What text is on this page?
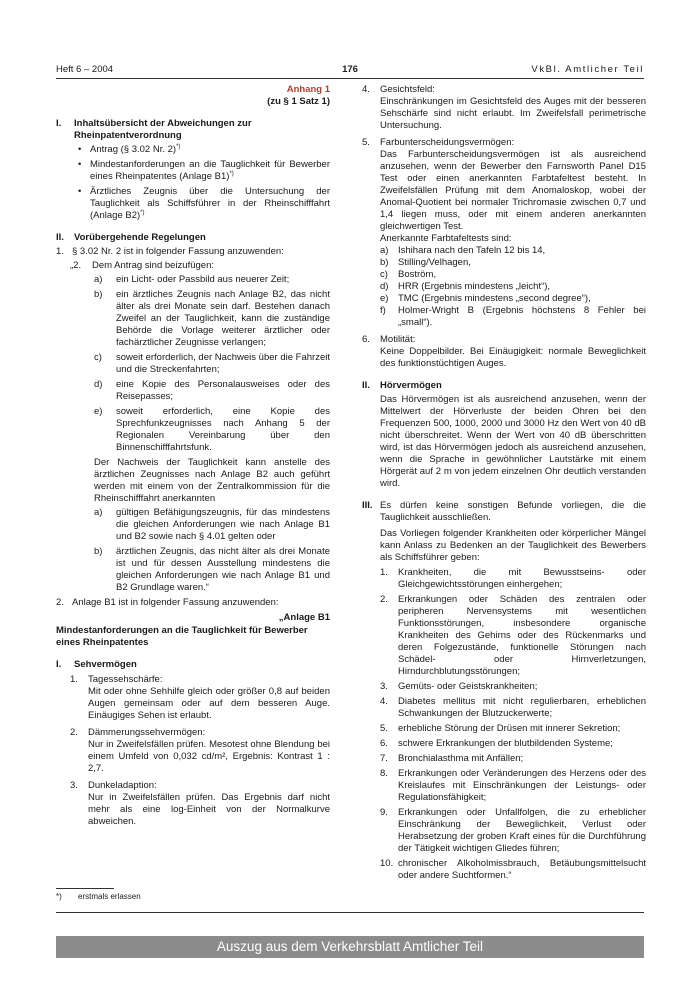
Heft 6 – 2004	176	VkBl. Amtlicher Teil
Anhang 1
(zu § 1 Satz 1)
I. Inhaltsübersicht der Abweichungen zur Rheinpatentverordnung
• Antrag (§ 3.02 Nr. 2)*)
• Mindestanforderungen an die Tauglichkeit für Bewerber eines Rheinpatentes (Anlage B1)*)
• Ärztliches Zeugnis über die Untersuchung der Tauglichkeit als Schiffsführer in der Rheinschifffahrt (Anlage B2)*)
II. Vorübergehende Regelungen
1. § 3.02 Nr. 2 ist in folgender Fassung anzuwenden:
„2. Dem Antrag sind beizufügen:
a) ein Licht- oder Passbild aus neuerer Zeit;
b) ein ärztliches Zeugnis nach Anlage B2, das nicht älter als drei Monate sein darf. Bestehen danach Zweifel an der Tauglichkeit, kann die zuständige Behörde die Vorlage weiterer ärztlicher oder fachärztlicher Zeugnisse verlangen;
c) soweit erforderlich, der Nachweis über die Fahrzeit und die Streckenfahrten;
d) eine Kopie des Personalausweises oder des Reisepasses;
e) soweit erforderlich, eine Kopie des Sprechfunkzeugnisses nach Anhang 5 der Regionalen Vereinbarung über den Binnenschifffahrtsfunk.
Der Nachweis der Tauglichkeit kann anstelle des ärztlichen Zeugnisses nach Anlage B2 auch geführt werden mit einem von der Zentralkommission für die Rheinschifffahrt anerkannten
a) gültigen Befähigungszeugnis, für das mindestens die gleichen Anforderungen wie nach Anlage B1 und B2 sowie nach § 4.01 gelten oder
b) ärztlichen Zeugnis, das nicht älter als drei Monate ist und für dessen Ausstellung mindestens die gleichen Anforderungen wie nach Anlage B1 und B2 Grundlage waren.“
2. Anlage B1 ist in folgender Fassung anzuwenden:
„Anlage B1
Mindestanforderungen an die Tauglichkeit für Bewerber eines Rheinpatentes
I. Sehvermögen
1. Tagessehschärfe:
Mit oder ohne Sehhilfe gleich oder größer 0,8 auf beiden Augen gemeinsam oder auf dem besseren Auge. Einäugiges Sehen ist erlaubt.
2. Dämmerungssehvermögen:
Nur in Zweifelsfällen prüfen. Mesotest ohne Blendung bei einem Umfeld von 0,032 cd/m², Ergebnis: Kontrast 1 : 2,7.
3. Dunkeladaption:
Nur in Zweifelsfällen prüfen. Das Ergebnis darf nicht mehr als eine log-Einheit von der Normalkurve abweichen.
4. Gesichtsfeld:
Einschränkungen im Gesichtsfeld des Auges mit der besseren Sehschärfe sind nicht erlaubt. Im Zweifelsfall perimetrische Untersuchung.
5. Farbunterscheidungsvermögen:
Das Farbunterscheidungsvermögen ist als ausreichend anzusehen, wenn der Bewerber den Farnsworth Panel D15 Test oder einen anerkannten Farbtafeltest besteht. In Zweifelsfällen Prüfung mit dem Anomaloskop, wobei der Anomal-Quotient bei normaler Trichromasie zwischen 0,7 und 1,4 liegen muss, oder mit einem anderen anerkannten gleichwertigen Test.
Anerkannte Farbtafeltests sind:
a) Ishihara nach den Tafeln 12 bis 14,
b) Stilling/Velhagen,
c) Boström,
d) HRR (Ergebnis mindestens „leicht“),
e) TMC (Ergebnis mindestens „second degree“),
f) Holmer-Wright B (Ergebnis höchstens 8 Fehler bei „small“).
6. Motilität:
Keine Doppelbilder. Bei Einäugigkeit: normale Beweglichkeit des funktionstüchtigen Auges.
II. Hörvermögen
Das Hörvermögen ist als ausreichend anzusehen, wenn der Mittelwert der Hörverluste der beiden Ohren bei den Frequenzen 500, 1000, 2000 und 3000 Hz den Wert von 40 dB nicht überschreitet. Wenn der Wert von 40 dB überschritten wird, ist das Hörvermögen jedoch als ausreichend anzusehen, wenn die Sprache in gewöhnlicher Lautstärke mit einem Hörgerät auf 2 m von jedem einzelnen Ohr deutlich verstanden wird.
III. Es dürfen keine sonstigen Befunde vorliegen, die die Tauglichkeit ausschließen.
Das Vorliegen folgender Krankheiten oder körperlicher Mängel kann Anlass zu Bedenken an der Tauglichkeit des Bewerbers als Schiffsführer geben:
1. Krankheiten, die mit Bewusstseins- oder Gleichgewichtsstörungen einhergehen;
2. Erkrankungen oder Schäden des zentralen oder peripheren Nervensystems mit wesentlichen Funktionsstörungen, insbesondere organische Krankheiten des Gehirns oder des Rückenmarks und deren Folgezustände, funktionelle Störungen nach Schädel- oder Hirnverletzungen, Hirndurchblutungsstörungen;
3. Gemüts- oder Geistskrankheiten;
4. Diabetes mellitus mit nicht regulierbaren, erheblichen Schwankungen der Blutzuckerwerte;
5. erhebliche Störung der Drüsen mit innerer Sekretion;
6. schwere Erkrankungen der blutbildenden Systeme;
7. Bronchialasthma mit Anfällen;
8. Erkrankungen oder Veränderungen des Herzens oder des Kreislaufes mit Einschränkungen der Leistungs- oder Regulationsfähigkeit;
9. Erkrankungen oder Unfallfolgen, die zu erheblicher Einschränkung der Beweglichkeit, Verlust oder Herabsetzung der groben Kraft eines für die Durchführung der Tätigkeit wichtigen Gliedes führen;
10. chronischer Alkoholmissbrauch, Betäubungsmittelsucht oder andere Suchtformen.“
*) erstmals erlassen
Auszug aus dem Verkehrsblatt Amtlicher Teil
